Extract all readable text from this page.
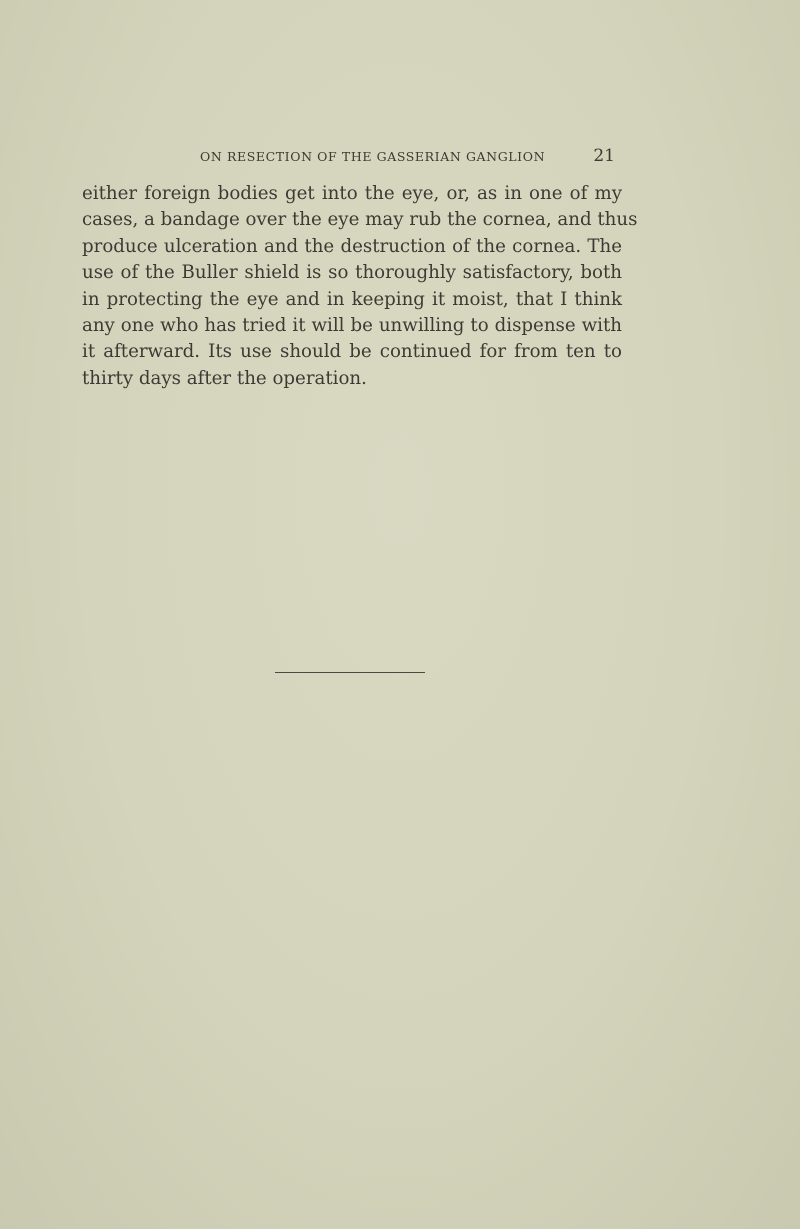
ON RESECTION OF THE GASSERIAN GANGLION	21

either foreign bodies get into the eye, or, as in one of my
cases, a bandage over the eye may rub the cornea, and thus
produce ulceration and the destruction of the cornea. The
use of the Buller shield is so thoroughly satisfactory, both
in protecting the eye and in keeping it moist, that I think
any one who has tried it will be unwilling to dispense with
it afterward. Its use should be continued for from ten to
thirty days after the operation.
